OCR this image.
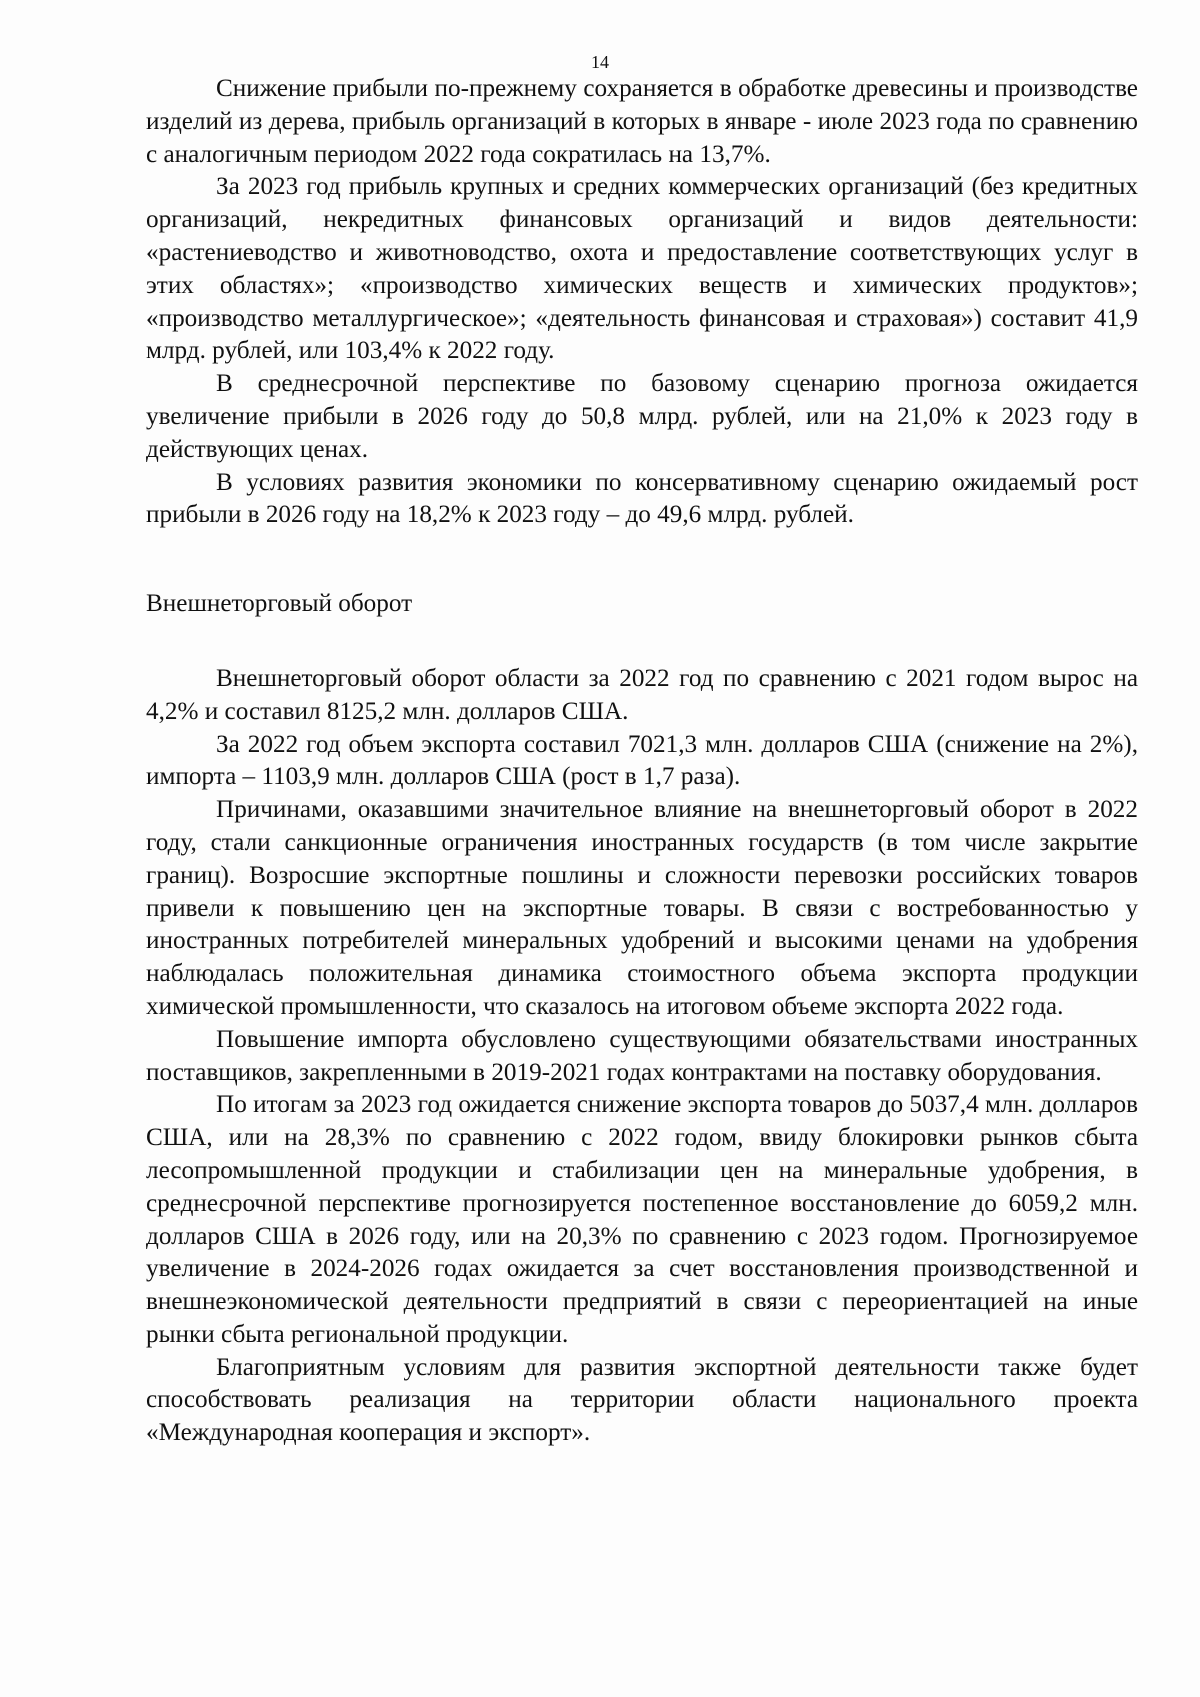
14

Снижение прибыли по-прежнему сохраняется в обработке древесины и производстве изделий из дерева, прибыль организаций в которых в январе - июле 2023 года по сравнению с аналогичным периодом 2022 года сократилась на 13,7%.

За 2023 год прибыль крупных и средних коммерческих организаций (без кредитных организаций, некредитных финансовых организаций и видов деятельности: «растениеводство и животноводство, охота и предоставление соответствующих услуг в этих областях»; «производство химических веществ и химических продуктов»; «производство металлургическое»; «деятельность финансовая и страховая») составит 41,9 млрд. рублей, или 103,4% к 2022 году.

В среднесрочной перспективе по базовому сценарию прогноза ожидается увеличение прибыли в 2026 году до 50,8 млрд. рублей, или на 21,0% к 2023 году в действующих ценах.

В условиях развития экономики по консервативному сценарию ожидаемый рост прибыли в 2026 году на 18,2% к 2023 году – до 49,6 млрд. рублей.

Внешнеторговый оборот

Внешнеторговый оборот области за 2022 год по сравнению с 2021 годом вырос на 4,2% и составил 8125,2 млн. долларов США.

За 2022 год объем экспорта составил 7021,3 млн. долларов США (снижение на 2%), импорта – 1103,9 млн. долларов США (рост в 1,7 раза).

Причинами, оказавшими значительное влияние на внешнеторговый оборот в 2022 году, стали санкционные ограничения иностранных государств (в том числе закрытие границ). Возросшие экспортные пошлины и сложности перевозки российских товаров привели к повышению цен на экспортные товары. В связи с востребованностью у иностранных потребителей минеральных удобрений и высокими ценами на удобрения наблюдалась положительная динамика стоимостного объема экспорта продукции химической промышленности, что сказалось на итоговом объеме экспорта 2022 года.

Повышение импорта обусловлено существующими обязательствами иностранных поставщиков, закрепленными в 2019-2021 годах контрактами на поставку оборудования.

По итогам за 2023 год ожидается снижение экспорта товаров до 5037,4 млн. долларов США, или на 28,3% по сравнению с 2022 годом, ввиду блокировки рынков сбыта лесопромышленной продукции и стабилизации цен на минеральные удобрения, в среднесрочной перспективе прогнозируется постепенное восстановление до 6059,2 млн. долларов США в 2026 году, или на 20,3% по сравнению с 2023 годом. Прогнозируемое увеличение в 2024-2026 годах ожидается за счет восстановления производственной и внешнеэкономической деятельности предприятий в связи с переориентацией на иные рынки сбыта региональной продукции.

Благоприятным условиям для развития экспортной деятельности также будет способствовать реализация на территории области национального проекта «Международная кооперация и экспорт».
